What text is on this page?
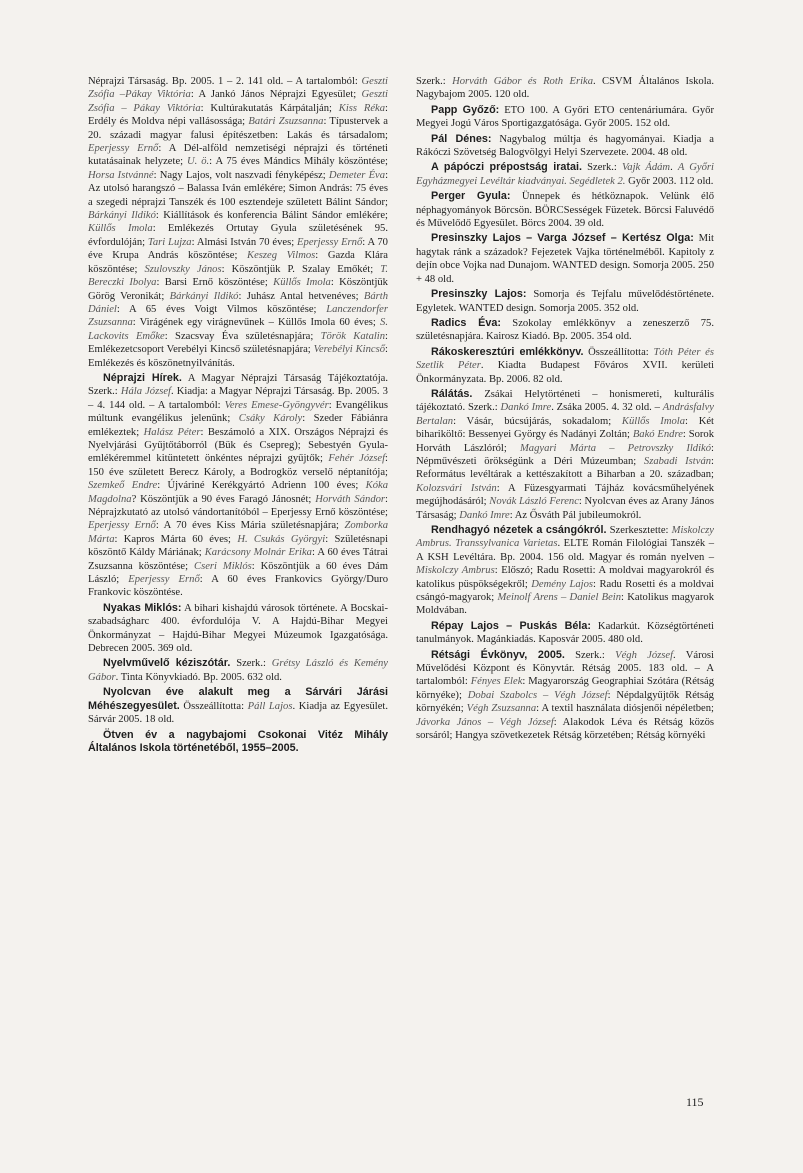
Néprajzi Társaság. Bp. 2005. 1 – 2. 141 old. – A tartalomból: Geszti Zsófia –Pákay Viktória: A Jankó János Néprajzi Egyesület; Geszti Zsófia – Pákay Viktória: Kultúrakutatás Kárpátalján; Kiss Réka: Erdély és Moldva népi vallásossága; Batári Zsuzsanna: Típustervek a 20. századi magyar falusi építészetben: Lakás és társadalom; Eperjessy Ernő: A Dél-alföld nemzetiségi néprajzi és történeti kutatásainak helyzete; U. ö.: A 75 éves Mándics Mihály köszöntése; Horsa Istvánné: Nagy Lajos, volt naszvadi fényképész; Demeter Éva: Az utolsó harangszó – Balassa Iván emlékére; Simon András: 75 éves a szegedi néprajzi Tanszék és 100 esztendeje született Bálint Sándor; Bárkányi Ildikó: Kiállítások és konferencia Bálint Sándor emlékére; Küllős Imola: Emlékezés Ortutay Gyula születésének 95. évfordulóján; Tari Lujza: Almási István 70 éves; Eperjessy Ernő: A 70 éve Krupa András köszöntése; Keszeg Vilmos: Gazda Klára köszöntése; Szulovszky János: Köszöntjük P. Szalay Emőkét; T. Bereczki Ibolya: Barsi Ernő köszöntése; Küllős Imola: Köszöntjük Görög Veronikát; Bárkányi Ildikó: Juhász Antal hetvenéves; Bárth Dániel: A 65 éves Voigt Vilmos köszöntése; Lanczendorfer Zsuzsanna: Virágének egy virágnevűnek – Küllős Imola 60 éves; S. Lackovits Emőke: Szacsvay Éva születésnapjára; Török Katalin: Emlékezetcsoport Verebélyi Kincső születésnapjára; Verebélyi Kincső: Emlékezés és köszönetnyilvánítás.

Néprajzi Hírek. A Magyar Néprajzi Társaság Tájékoztatója. Szerk.: Hála József. Kiadja: a Magyar Néprajzi Társaság. Bp. 2005. 3 – 4. 144 old. – A tartalomból: Veres Emese-Gyöngyvér: Evangélikus múltunk evangélikus jelenünk; Csáky Károly: Szeder Fábiánra emlékeztek; Halász Péter: Beszámoló a XIX. Országos Néprajzi és Nyelvjárási Gyűjtőtáborról (Bük és Csepreg); Sebestyén Gyula-emlékéremmel kitüntetett önkéntes néprajzi gyűjtők; Fehér József: 150 éve született Berecz Károly, a Bodrogköz verselő néptanítója; Szemkeő Endre: Újváriné Kerékgyártó Adrienn 100 éves; Kóka Magdolna? Köszöntjük a 90 éves Faragó Jánosnét; Horváth Sándor: Néprajzkutató az utolsó vándortanítóból – Eperjessy Ernő köszöntése; Eperjessy Ernő: A 70 éves Kiss Mária születésnapjára; Zomborka Márta: Kapros Márta 60 éves; H. Csukás Györgyi: Születésnapi köszöntő Káldy Máriának; Karácsony Molnár Erika: A 60 éves Tátrai Zsuzsanna köszöntése; Cseri Miklós: Köszöntjük a 60 éves Dám László; Eperjessy Ernő: A 60 éves Frankovics György/Duro Frankovic köszöntése.

Nyakas Miklós: A bihari kishajdú városok története. A Bocskai-szabadságharc 400. évfordulója V. A Hajdú-Bihar Megyei Önkormányzat – Hajdú-Bihar Megyei Múzeumok Igazgatósága. Debrecen 2005. 369 old.

Nyelvművelő kéziszótár. Szerk.: Grétsy László és Kemény Gábor. Tinta Könyvkiadó. Bp. 2005. 632 old.

Nyolcvan éve alakult meg a Sárvári Járási Méhészegyesület. Összeállította: Páll Lajos. Kiadja az Egyesület. Sárvár 2005. 18 old.

Ötven év a nagybajomi Csokonai Vitéz Mihály Általános Iskola történetéből, 1955–2005.

Szerk.: Horváth Gábor és Roth Erika. CSVM Általános Iskola. Nagybajom 2005. 120 old.

Papp Győző: ETO 100. A Győri ETO centenáriumára. Győr Megyei Jogú Város Sportigazgatósága. Győr 2005. 152 old.

Pál Dénes: Nagybalog múltja és hagyományai. Kiadja a Rákóczi Szövetség Balogvölgyi Helyi Szervezete. 2004. 48 old.

A pápóczi prépostság iratai. Szerk.: Vajk Ádám. A Győri Egyházmegyei Levéltár kiadványai. Segédletek 2. Győr 2003. 112 old.

Perger Gyula: Ünnepek és hétköznapok. Velünk élő néphagyományok Börcsön. BÖRCSességek Füzetek. Börcsi Faluvédő és Művelődő Egyesület. Börcs 2004. 39 old.

Presinszky Lajos – Varga József – Kertész Olga: Mit hagytak ránk a századok? Fejezetek Vajka történelméből. Kapitoly z dejín obce Vojka nad Dunajom. WANTED design. Somorja 2005. 250 + 48 old.

Presinszky Lajos: Somorja és Tejfalu művelődéstörténete. Egyletek. WANTED design. Somorja 2005. 352 old.

Radics Éva: Szokolay emlékkönyv a zeneszerző 75. születésnapjára. Kairosz Kiadó. Bp. 2005. 354 old.

Rákoskeresztúri emlékkönyv. Összeállította: Tóth Péter és Szetlik Péter. Kiadta Budapest Főváros XVII. kerületi Önkormányzata. Bp. 2006. 82 old.

Rálátás. Zsákai Helytörténeti – honismereti, kulturális tájékoztató. Szerk.: Dankó Imre. Zsáka 2005. 4. 32 old. – Andrásfalvy Bertalan: Vásár, búcsújárás, sokadalom; Küllős Imola: Két bihariköltő: Bessenyei György és Nadányi Zoltán; Bakó Endre: Sorok Horváth Lászlóról; Magyari Márta – Petrovszky Ildikó: Népművészeti örökségünk a Déri Múzeumban; Szabadi István: Református levéltárak a kettészakított a Biharban a 20. században; Kolozsvári István: A Füzesgyarmati Tájház kovácsműhelyének megújhodásáról; Novák László Ferenc: Nyolcvan éves az Arany János Társaság; Dankó Imre: Az Ősváth Pál jubileumokról.

Rendhagyó nézetek a csángókról. Szerkesztette: Miskolczy Ambrus. Transsylvanica Varietas. ELTE Román Filológiai Tanszék – A KSH Levéltára. Bp. 2004. 156 old. Magyar és román nyelven – Miskolczy Ambrus: Előszó; Radu Rosetti: A moldvai magyarokról és katolikus püspökségekről; Demény Lajos: Radu Rosetti és a moldvai csángó-magyarok; Meinolf Arens – Daniel Bein: Katolikus magyarok Moldvában.

Répay Lajos – Puskás Béla: Kadarkút. Községtörténeti tanulmányok. Magánkiadás. Kaposvár 2005. 480 old.

Rétsági Évkönyv, 2005. Szerk.: Végh József. Városi Művelődési Központ és Könyvtár. Rétság 2005. 183 old. – A tartalomból: Fényes Elek: Magyarország Geographiai Szótára (Rétság környéke); Dobai Szabolcs – Végh József: Népdalgyűjtők Rétság környékén; Végh Zsuzsanna: A textil használata diósjenői népéletben; Jávorka János – Végh József: Alakodok Léva és Rétság közös sorsáról; Hangya szövetkezetek Rétság körzetében; Rétság környéki

115
